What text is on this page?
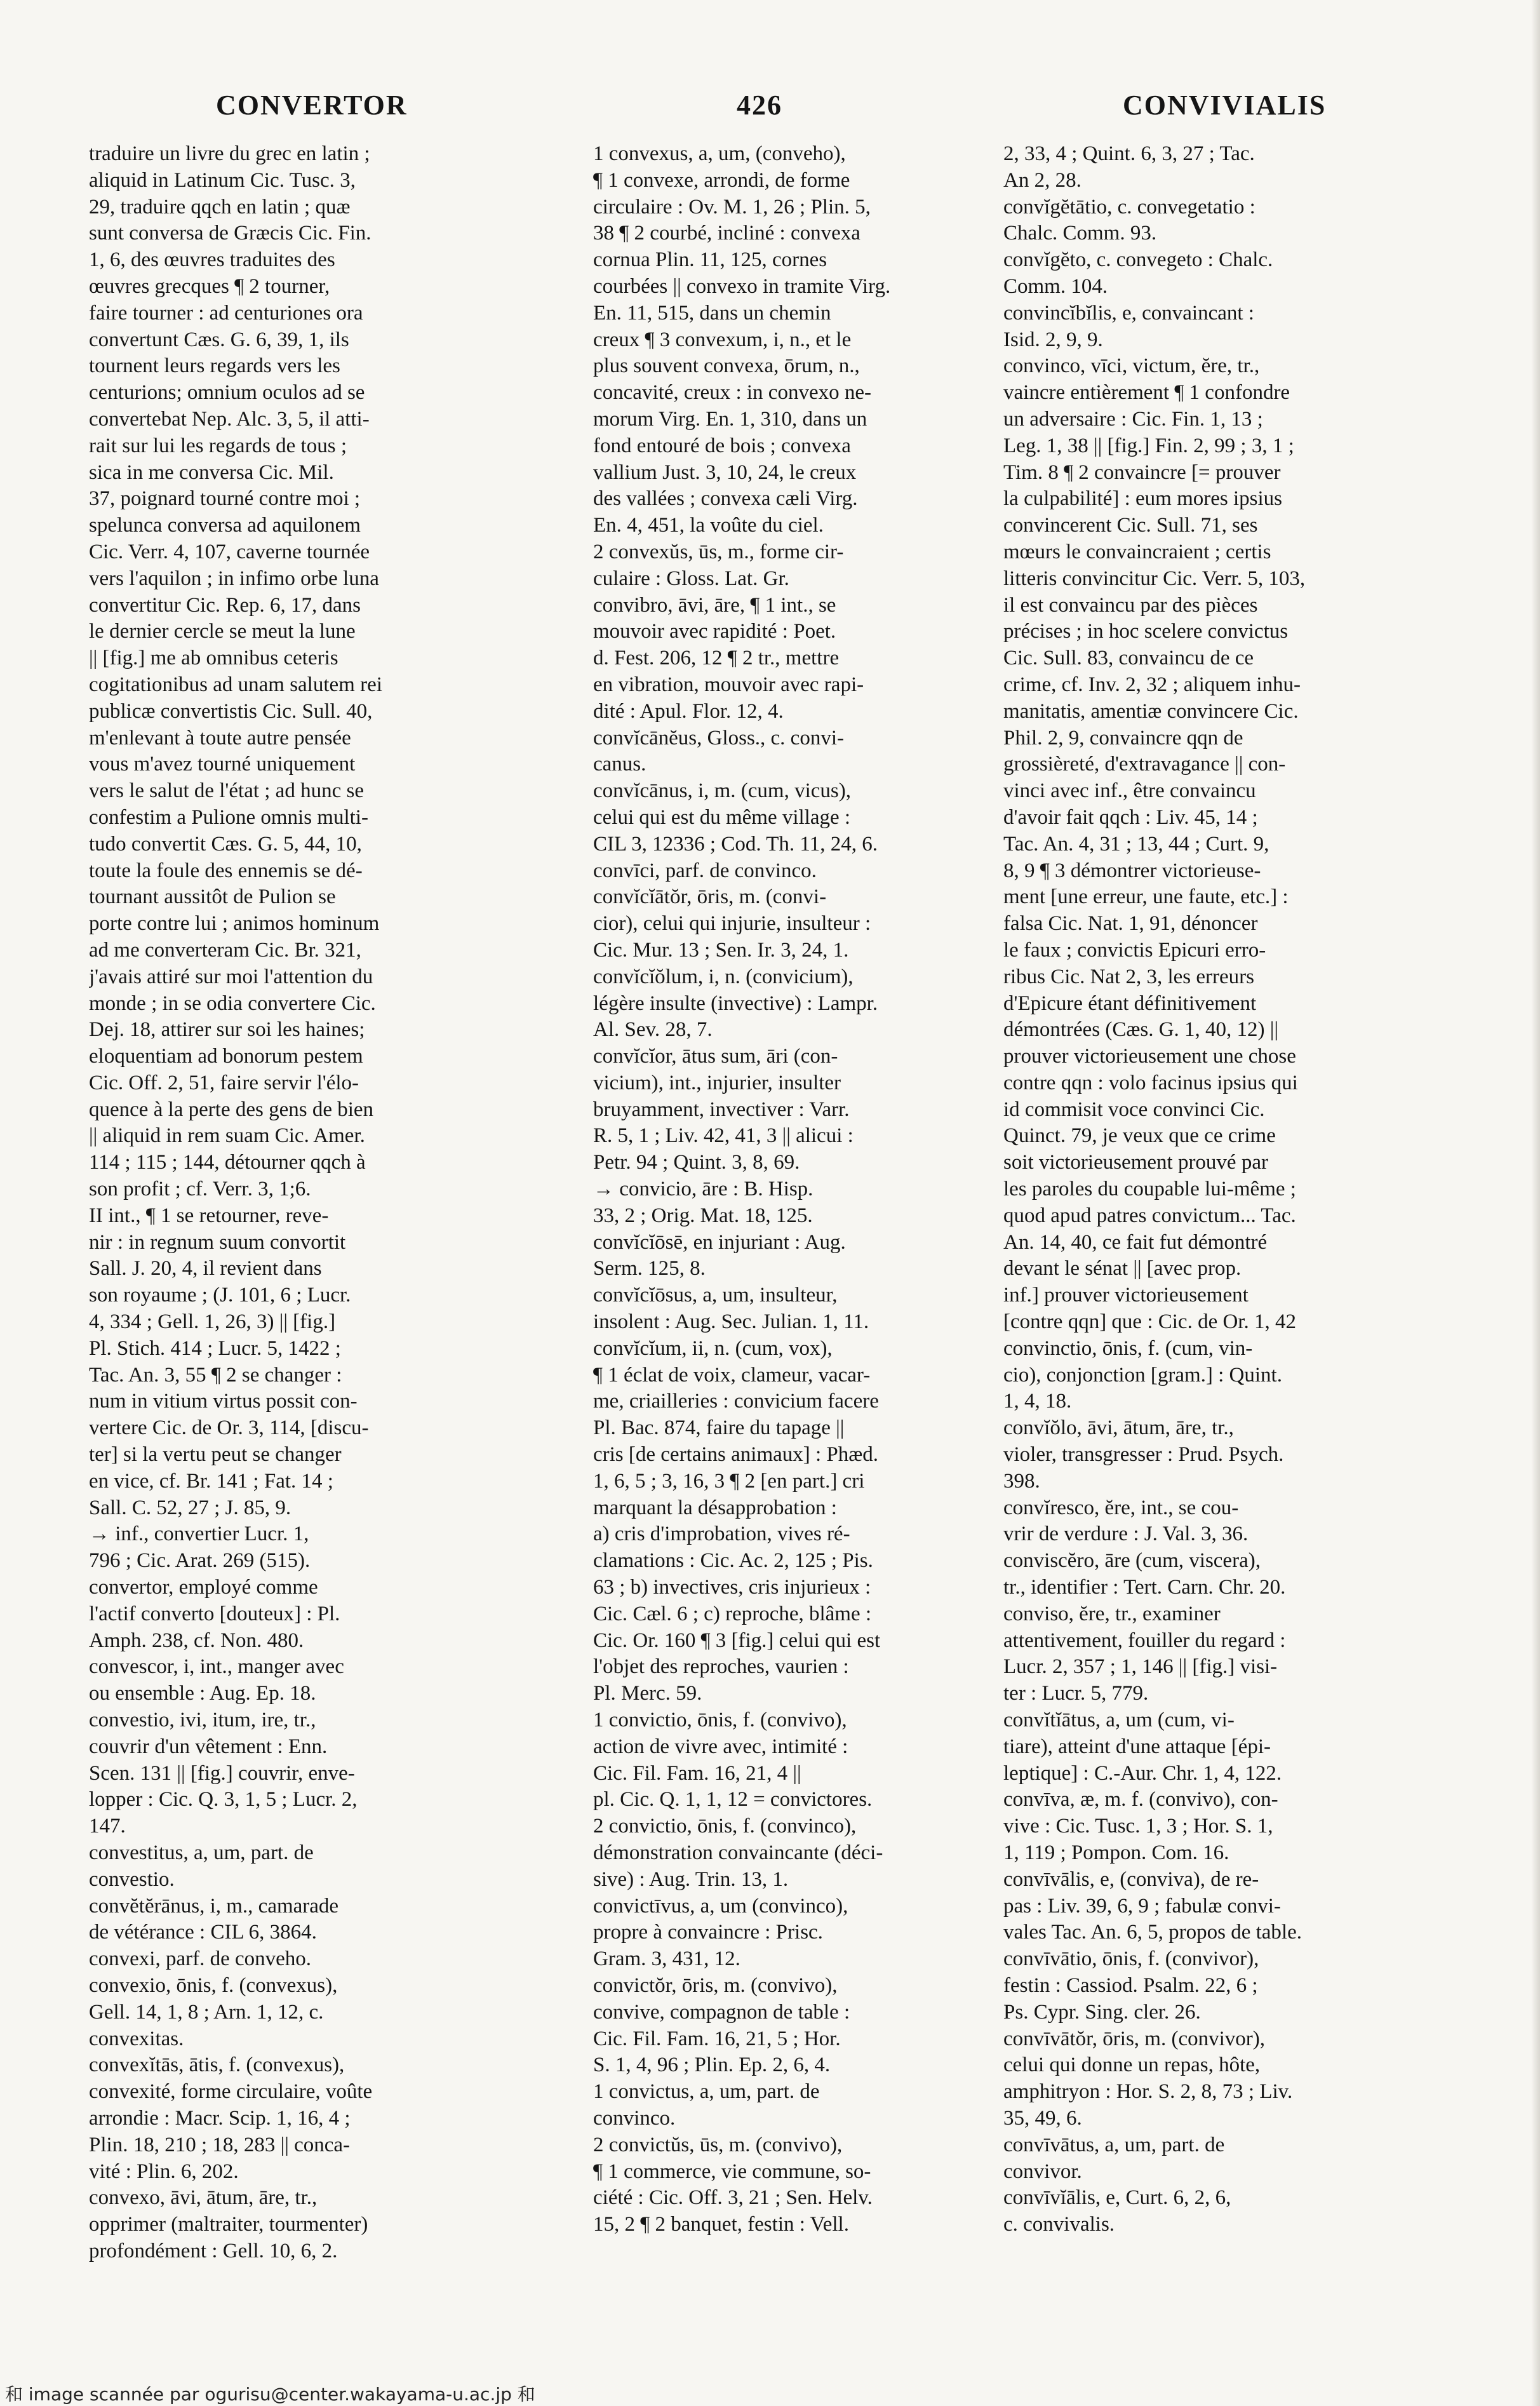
CONVERTOR	426	CONVIVIALIS
traduire un livre du grec en latin ;
aliquid in Latinum Cic. Tusc. 3,
29, traduire qqch en latin ; quæ
sunt conversa de Græcis Cic. Fin.
1, 6, des œuvres traduites des
œuvres grecques ¶ 2 tourner,
faire tourner : ad centuriones ora
convertunt Cæs. G. 6, 39, 1, ils
tournent leurs regards vers les
centurions; omnium oculos ad se
convertebat Nep. Alc. 3, 5, il atti-
rait sur lui les regards de tous ;
sica in me conversa Cic. Mil.
37, poignard tourné contre moi ;
spelunca conversa ad aquilonem
Cic. Verr. 4, 107, caverne tournée
vers l'aquilon ; in infimo orbe luna
convertitur Cic. Rep. 6, 17, dans
le dernier cercle se meut la lune
|| [fig.] me ab omnibus ceteris
cogitationibus ad unam salutem rei
publicæ convertistis Cic. Sull. 40,
m'enlevant à toute autre pensée
vous m'avez tourné uniquement
vers le salut de l'état ; ad hunc se
confestim a Pulione omnis multi-
tudo convertit Cæs. G. 5, 44, 10,
toute la foule des ennemis se dé-
tournant aussitôt de Pulion se
porte contre lui ; animos hominum
ad me converteram Cic. Br. 321,
j'avais attiré sur moi l'attention du
monde ; in se odia convertere Cic.
Dej. 18, attirer sur soi les haines;
eloquentiam ad bonorum pestem
Cic. Off. 2, 51, faire servir l'élo-
quence à la perte des gens de bien
|| aliquid in rem suam Cic. Amer.
114 ; 115 ; 144, détourner qqch à
son profit ; cf. Verr. 3, 1;6.
II int., ¶ 1 se retourner, reve-
nir : in regnum suum convortit
Sall. J. 20, 4, il revient dans
son royaume ; (J. 101, 6 ; Lucr.
4, 334 ; Gell. 1, 26, 3) || [fig.]
Pl. Stich. 414 ; Lucr. 5, 1422 ;
Tac. An. 3, 55 ¶ 2 se changer :
num in vitium virtus possit con-
vertere Cic. de Or. 3, 114, [discu-
ter] si la vertu peut se changer
en vice, cf. Br. 141 ; Fat. 14 ;
Sall. C. 52, 27 ; J. 85, 9.
→ inf., convertier Lucr. 1,
796 ; Cic. Arat. 269 (515).
convertor, employé comme
l'actif converto [douteux] : Pl.
Amph. 238, cf. Non. 480.
convescor, i, int., manger avec
ou ensemble : Aug. Ep. 18.
convestio, ivi, itum, ire, tr.,
couvrir d'un vêtement : Enn.
Scen. 131 || [fig.] couvrir, enve-
lopper : Cic. Q. 3, 1, 5 ; Lucr. 2,
147.
convestitus, a, um, part. de
convestio.
convĕtĕrānus, i, m., camarade
de vétérance : CIL 6, 3864.
convexi, parf. de conveho.
convexio, ōnis, f. (convexus),
Gell. 14, 1, 8 ; Arn. 1, 12, c.
convexitas.
convexĭtās, ātis, f. (convexus),
convexité, forme circulaire, voûte
arrondie : Macr. Scip. 1, 16, 4 ;
Plin. 18, 210 ; 18, 283 || conca-
vité : Plin. 6, 202.
convexo, āvi, ātum, āre, tr.,
opprimer (maltraiter, tourmenter)
profondément : Gell. 10, 6, 2.
1 convexus, a, um, (conveho),
¶ 1 convexe, arrondi, de forme
circulaire : Ov. M. 1, 26 ; Plin. 5,
38 ¶ 2 courbé, incliné : convexa
cornua Plin. 11, 125, cornes
courbées || convexo in tramite Virg.
En. 11, 515, dans un chemin
creux ¶ 3 convexum, i, n., et le
plus souvent convexa, ōrum, n.,
concavité, creux : in convexo ne-
morum Virg. En. 1, 310, dans un
fond entouré de bois ; convexa
vallium Just. 3, 10, 24, le creux
des vallées ; convexa cæli Virg.
En. 4, 451, la voûte du ciel.
2 convexŭs, ūs, m., forme cir-
culaire : Gloss. Lat. Gr.
convibro, āvi, āre, ¶ 1 int., se
mouvoir avec rapidité : Poet.
d. Fest. 206, 12 ¶ 2 tr., mettre
en vibration, mouvoir avec rapi-
dité : Apul. Flor. 12, 4.
convĭcānĕus, Gloss., c. convi-
canus.
convĭcānus, i, m. (cum, vicus),
celui qui est du même village :
CIL 3, 12336 ; Cod. Th. 11, 24, 6.
convīci, parf. de convinco.
convĭcĭātŏr, ōris, m. (convi-
cior), celui qui injurie, insulteur :
Cic. Mur. 13 ; Sen. Ir. 3, 24, 1.
convĭcĭŏlum, i, n. (convicium),
légère insulte (invective) : Lampr.
Al. Sev. 28, 7.
convĭcĭor, ātus sum, āri (con-
vicium), int., injurier, insulter
bruyamment, invectiver : Varr.
R. 5, 1 ; Liv. 42, 41, 3 || alicui :
Petr. 94 ; Quint. 3, 8, 69.
→ convicio, āre : B. Hisp.
33, 2 ; Orig. Mat. 18, 125.
convĭcĭōsē, en injuriant : Aug.
Serm. 125, 8.
convĭcĭōsus, a, um, insulteur,
insolent : Aug. Sec. Julian. 1, 11.
convĭcĭum, ii, n. (cum, vox),
¶ 1 éclat de voix, clameur, vacar-
me, criailleries : convicium facere
Pl. Bac. 874, faire du tapage ||
cris [de certains animaux] : Phæd.
1, 6, 5 ; 3, 16, 3 ¶ 2 [en part.] cri
marquant la désapprobation :
a) cris d'improbation, vives ré-
clamations : Cic. Ac. 2, 125 ; Pis.
63 ; b) invectives, cris injurieux :
Cic. Cæl. 6 ; c) reproche, blâme :
Cic. Or. 160 ¶ 3 [fig.] celui qui est
l'objet des reproches, vaurien :
Pl. Merc. 59.
1 convictio, ōnis, f. (convivo),
action de vivre avec, intimité :
Cic. Fil. Fam. 16, 21, 4 ||
pl. Cic. Q. 1, 1, 12 = convictores.
2 convictio, ōnis, f. (convinco),
démonstration convaincante (déci-
sive) : Aug. Trin. 13, 1.
convictīvus, a, um (convinco),
propre à convaincre : Prisc.
Gram. 3, 431, 12.
convictŏr, ōris, m. (convivo),
convive, compagnon de table :
Cic. Fil. Fam. 16, 21, 5 ; Hor.
S. 1, 4, 96 ; Plin. Ep. 2, 6, 4.
1 convictus, a, um, part. de
convinco.
2 convictŭs, ūs, m. (convivo),
¶ 1 commerce, vie commune, so-
ciété : Cic. Off. 3, 21 ; Sen. Helv.
15, 2 ¶ 2 banquet, festin : Vell.
2, 33, 4 ; Quint. 6, 3, 27 ; Tac.
An 2, 28.
convĭgĕtātio, c. convegetatio :
Chalc. Comm. 93.
convĭgĕto, c. convegeto : Chalc.
Comm. 104.
convincĭbĭlis, e, convaincant :
Isid. 2, 9, 9.
convinco, vīci, victum, ĕre, tr.,
vaincre entièrement ¶ 1 confondre
un adversaire : Cic. Fin. 1, 13 ;
Leg. 1, 38 || [fig.] Fin. 2, 99 ; 3, 1 ;
Tim. 8 ¶ 2 convaincre [= prouver
la culpabilité] : eum mores ipsius
convincerent Cic. Sull. 71, ses
mœurs le convaincraient ; certis
litteris convincitur Cic. Verr. 5, 103,
il est convaincu par des pièces
précises ; in hoc scelere convictus
Cic. Sull. 83, convaincu de ce
crime, cf. Inv. 2, 32 ; aliquem inhu-
manitatis, amentiæ convincere Cic.
Phil. 2, 9, convaincre qqn de
grossièreté, d'extravagance || con-
vinci avec inf., être convaincu
d'avoir fait qqch : Liv. 45, 14 ;
Tac. An. 4, 31 ; 13, 44 ; Curt. 9,
8, 9 ¶ 3 démontrer victorieuse-
ment [une erreur, une faute, etc.] :
falsa Cic. Nat. 1, 91, dénoncer
le faux ; convictis Epicuri erro-
ribus Cic. Nat 2, 3, les erreurs
d'Epicure étant définitivement
démontrées (Cæs. G. 1, 40, 12) ||
prouver victorieusement une chose
contre qqn : volo facinus ipsius qui
id commisit voce convinci Cic.
Quinct. 79, je veux que ce crime
soit victorieusement prouvé par
les paroles du coupable lui-même ;
quod apud patres convictum... Tac.
An. 14, 40, ce fait fut démontré
devant le sénat || [avec prop.
inf.] prouver victorieusement
[contre qqn] que : Cic. de Or. 1, 42
convinctio, ōnis, f. (cum, vin-
cio), conjonction [gram.] : Quint.
1, 4, 18.
convĭŏlo, āvi, ātum, āre, tr.,
violer, transgresser : Prud. Psych.
398.
convĭresco, ĕre, int., se cou-
vrir de verdure : J. Val. 3, 36.
conviscĕro, āre (cum, viscera),
tr., identifier : Tert. Carn. Chr. 20.
conviso, ĕre, tr., examiner
attentivement, fouiller du regard :
Lucr. 2, 357 ; 1, 146 || [fig.] visi-
ter : Lucr. 5, 779.
convĭtĭātus, a, um (cum, vi-
tiare), atteint d'une attaque [épi-
leptique] : C.-Aur. Chr. 1, 4, 122.
convīva, æ, m. f. (convivo), con-
vive : Cic. Tusc. 1, 3 ; Hor. S. 1,
1, 119 ; Pompon. Com. 16.
convīvālis, e, (conviva), de re-
pas : Liv. 39, 6, 9 ; fabulæ convi-
vales Tac. An. 6, 5, propos de table.
convīvātio, ōnis, f. (convivor),
festin : Cassiod. Psalm. 22, 6 ;
Ps. Cypr. Sing. cler. 26.
convīvātŏr, ōris, m. (convivor),
celui qui donne un repas, hôte,
amphitryon : Hor. S. 2, 8, 73 ; Liv.
35, 49, 6.
convīvātus, a, um, part. de
convivor.
convīvĭālis, e, Curt. 6, 2, 6,
c. convivalis.
和 image scannée par ogurisu@center.wakayama-u.ac.jp 和
